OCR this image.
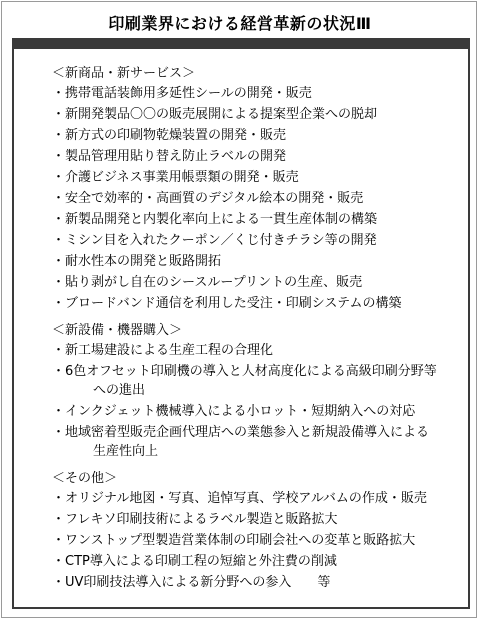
印刷業界における経営革新の状況Ⅲ
＜新商品・新サービス＞
・携帯電話装飾用多延性シールの開発・販売
・新開発製品〇〇の販売展開による提案型企業への脱却
・新方式の印刷物乾燥装置の開発・販売
・製品管理用貼り替え防止ラベルの開発
・介護ビジネス事業用帳票類の開発・販売
・安全で効率的・高画質のデジタル絵本の開発・販売
・新製品開発と内製化率向上による一貫生産体制の構築
・ミシン目を入れたクーポン／くじ付きチラシ等の開発
・耐水性本の開発と販路開拓
・貼り剥がし自在のシースループリントの生産、販売
・ブロードバンド通信を利用した受注・印刷システムの構築
＜新設備・機器購入＞
・新工場建設による生産工程の合理化
・6色オフセット印刷機の導入と人材高度化による高級印刷分野等
への進出
・インクジェット機械導入による小ロット・短期納入への対応
・地域密着型販売企画代理店への業態参入と新規設備導入による
生産性向上
＜その他＞
・オリジナル地図・写真、追悼写真、学校アルバムの作成・販売
・フレキソ印刷技術によるラベル製造と販路拡大
・ワンストップ型製造営業体制の印刷会社への変革と販路拡大
・CTP導入による印刷工程の短縮と外注費の削減
・UV印刷技法導入による新分野への参入　　等
